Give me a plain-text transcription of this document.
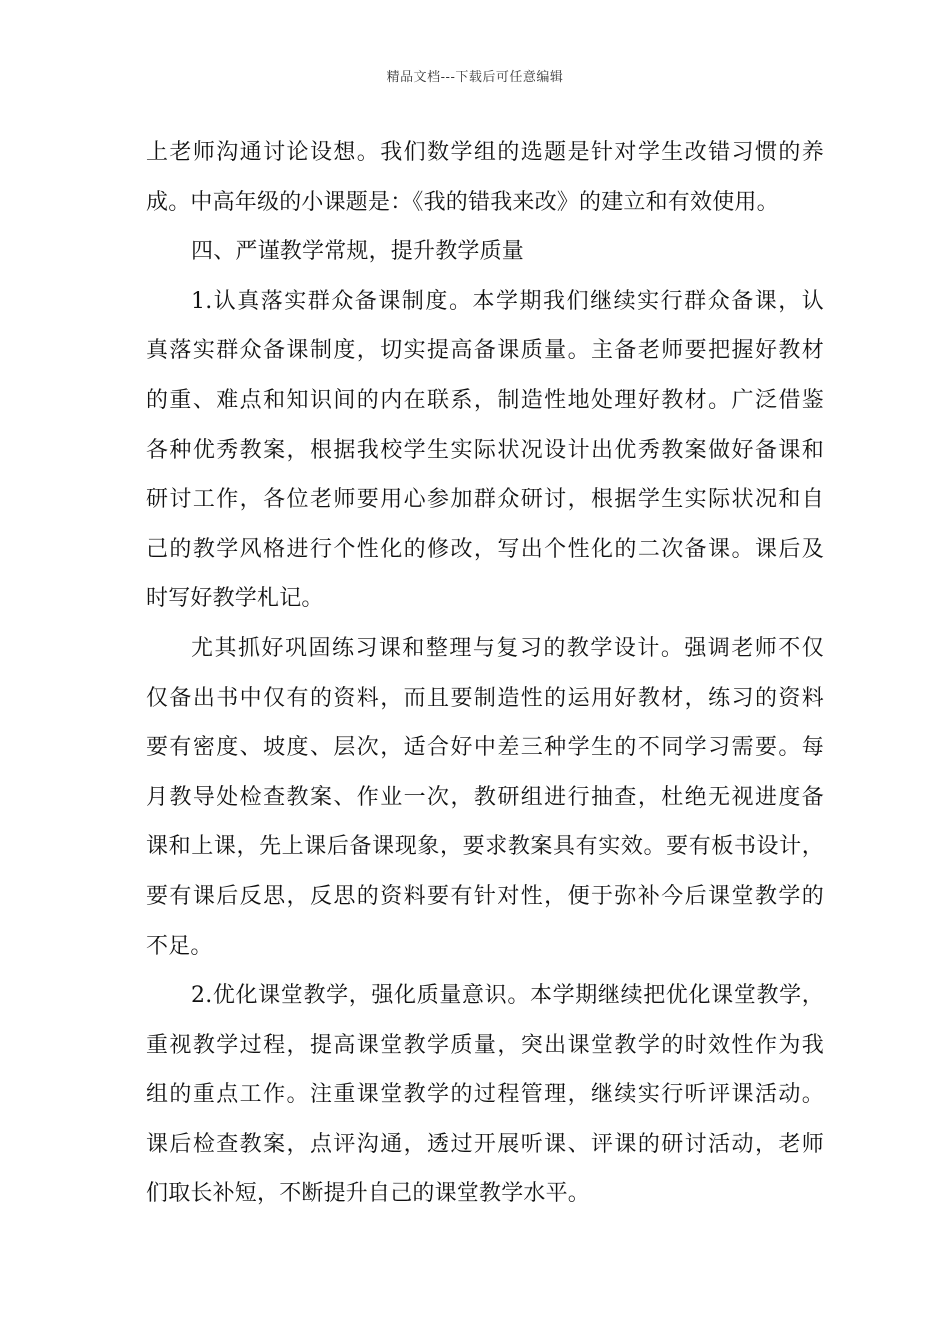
精品文档---下载后可任意编辑
上老师沟通讨论设想。我们数学组的选题是针对学生改错习惯的养
成。中高年级的小课题是：《我的错我来改》的建立和有效使用。
四、严谨教学常规，提升教学质量
1.认真落实群众备课制度。本学期我们继续实行群众备课，认
真落实群众备课制度，切实提高备课质量。主备老师要把握好教材
的重、难点和知识间的内在联系，制造性地处理好教材。广泛借鉴
各种优秀教案，根据我校学生实际状况设计出优秀教案做好备课和
研讨工作，各位老师要用心参加群众研讨，根据学生实际状况和自
己的教学风格进行个性化的修改，写出个性化的二次备课。课后及
时写好教学札记。
尤其抓好巩固练习课和整理与复习的教学设计。强调老师不仅
仅备出书中仅有的资料，而且要制造性的运用好教材，练习的资料
要有密度、坡度、层次，适合好中差三种学生的不同学习需要。每
月教导处检查教案、作业一次，教研组进行抽查，杜绝无视进度备
课和上课，先上课后备课现象，要求教案具有实效。要有板书设计，
要有课后反思，反思的资料要有针对性，便于弥补今后课堂教学的
不足。
2.优化课堂教学，强化质量意识。本学期继续把优化课堂教学，
重视教学过程，提高课堂教学质量，突出课堂教学的时效性作为我
组的重点工作。注重课堂教学的过程管理，继续实行听评课活动。
课后检查教案，点评沟通，透过开展听课、评课的研讨活动，老师
们取长补短，不断提升自己的课堂教学水平。
